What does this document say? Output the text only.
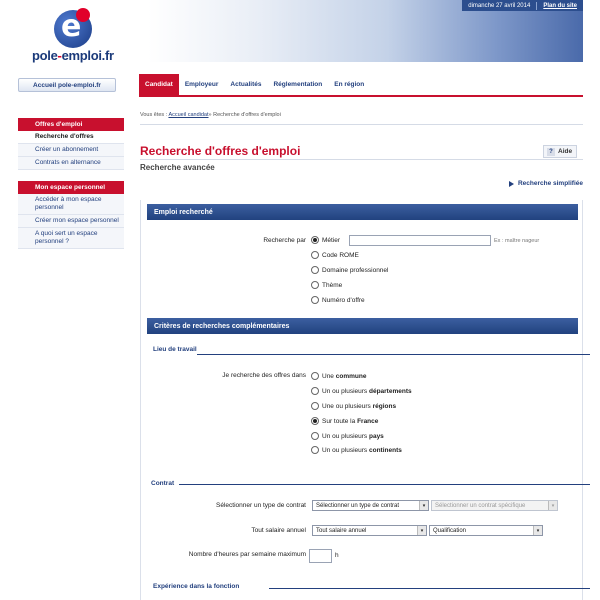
dimanche 27 avril 2014 Plan du site
e
pole-emploi.fr
Accueil pole-emploi.fr	Candidat	Employeur	Actualités	Réglementation	En région
Offres d'emploi
Recherche d'offres
Créer un abonnement
Contrats en alternance
Mon espace personnel
Accéder à mon espace personnel
Créer mon espace personnel
A quoi sert un espace personnel ?
Vous êtes : Accueil candidat» Recherche d'offres d'emploi
Recherche d'offres d'emploi	? Aide
Recherche avancée
Recherche simplifiée
Emploi recherché
Recherche par Métier	Ex : maître nageur
Code ROME
Domaine professionnel
Thème
Numéro d'offre
Critères de recherches complémentaires
Lieu de travail
Je recherche des offres dans Une commune
Un ou plusieurs départements
Une ou plusieurs régions
Sur toute la France
Un ou plusieurs pays
Un ou plusieurs continents
Contrat
Sélectionner un type de contrat Sélectionner un type de contrat	▾	Sélectionner un contrat spécifique	▾
Tout salaire annuel Tout salaire annuel	▾	Qualification	▾
Nombre d'heures par semaine maximum	h
Expérience dans la fonction
